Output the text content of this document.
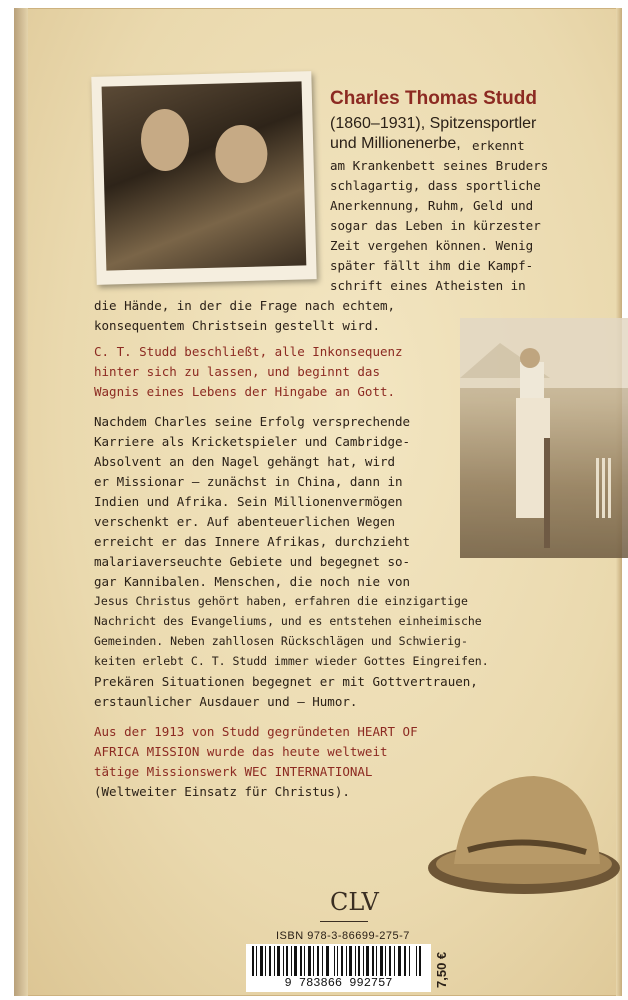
Charles Thomas Studd
(1860–1931), Spitzensportler
und Millionenerbe, erkennt
am Krankenbett seines Bruders
schlagartig, dass sportliche
Anerkennung, Ruhm, Geld und
sogar das Leben in kürzester
Zeit vergehen können. Wenig
später fällt ihm die Kampf-
schrift eines Atheisten in
die Hände, in der die Frage nach echtem,
konsequentem Christsein gestellt wird.
C. T. Studd beschließt, alle Inkonsequenz
hinter sich zu lassen, und beginnt das
Wagnis eines Lebens der Hingabe an Gott.
Nachdem Charles seine Erfolg versprechende
Karriere als Kricketspieler und Cambridge-
Absolvent an den Nagel gehängt hat, wird
er Missionar – zunächst in China, dann in
Indien und Afrika. Sein Millionenvermögen
verschenkt er. Auf abenteuerlichen Wegen
erreicht er das Innere Afrikas, durchzieht
malariaverseuchte Gebiete und begegnet so-
gar Kannibalen. Menschen, die noch nie von
Jesus Christus gehört haben, erfahren die einzigartige
Nachricht des Evangeliums, und es entstehen einheimische
Gemeinden. Neben zahllosen Rückschlägen und Schwierig-
keiten erlebt C. T. Studd immer wieder Gottes Eingreifen.
Prekären Situationen begegnet er mit Gottvertrauen,
erstaunlicher Ausdauer und – Humor.
Aus der 1913 von Studd gegründeten HEART OF
AFRICA MISSION wurde das heute weltweit
tätige Missionswerk WEC INTERNATIONAL
(Weltweiter Einsatz für Christus).
CLV
ISBN 978-3-86699-275-7
9 783866 992757	7,50 €
